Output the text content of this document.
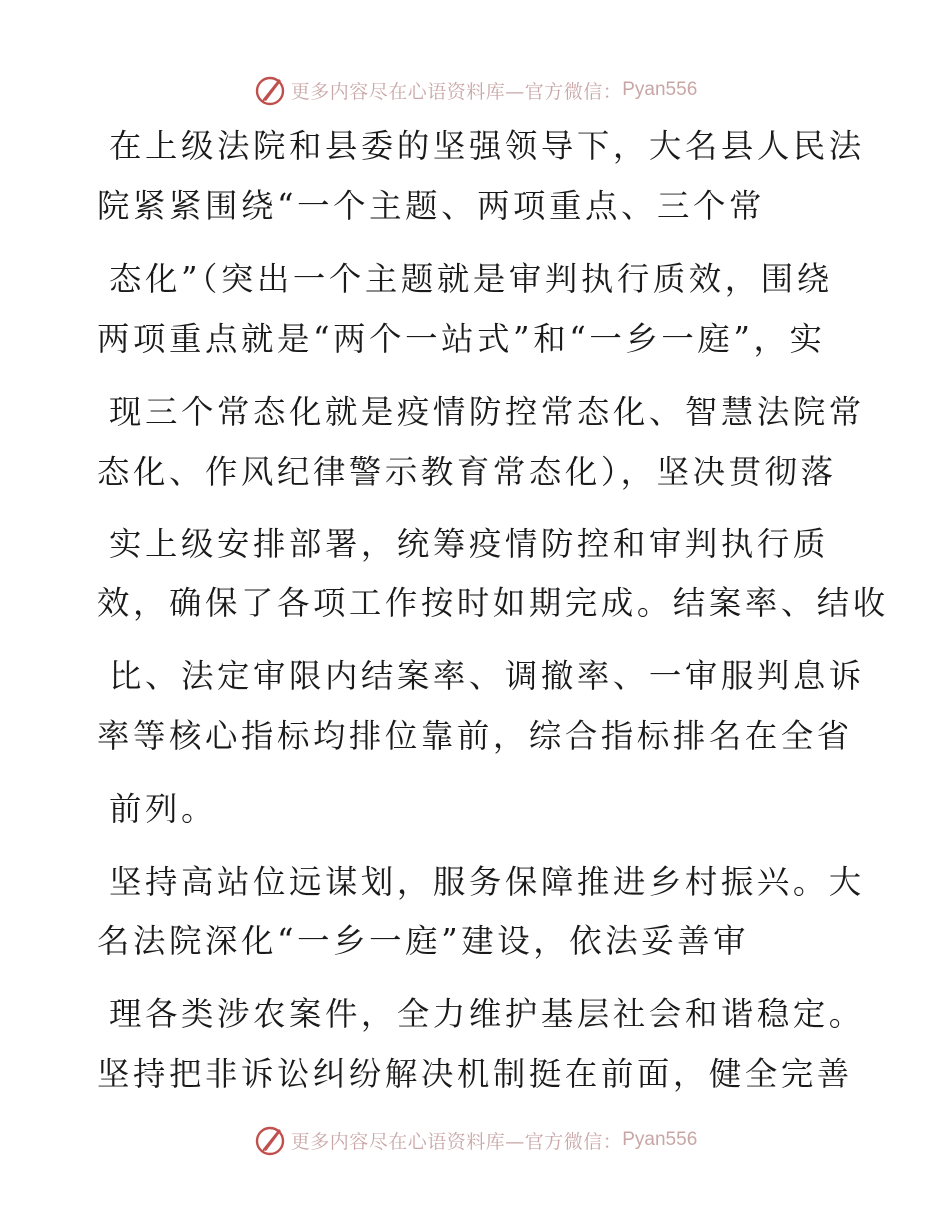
更多内容尽在心语资料库—官方微信： Pyan556
在上级法院和县委的坚强领导下，大名县人民法
院紧紧围绕“一个主题、两项重点、三个常
态化”（突出一个主题就是审判执行质效，围绕
两项重点就是“两个一站式”和“一乡一庭”，实
现三个常态化就是疫情防控常态化、智慧法院常
态化、作风纪律警示教育常态化），坚决贯彻落
实上级安排部署，统筹疫情防控和审判执行质
效，确保了各项工作按时如期完成。结案率、结收
比、法定审限内结案率、调撤率、一审服判息诉
率等核心指标均排位靠前，综合指标排名在全省
前列。
坚持高站位远谋划，服务保障推进乡村振兴。大
名法院深化“一乡一庭”建设，依法妥善审
理各类涉农案件，全力维护基层社会和谐稳定。
坚持把非诉讼纠纷解决机制挺在前面，健全完善
更多内容尽在心语资料库—官方微信： Pyan556
